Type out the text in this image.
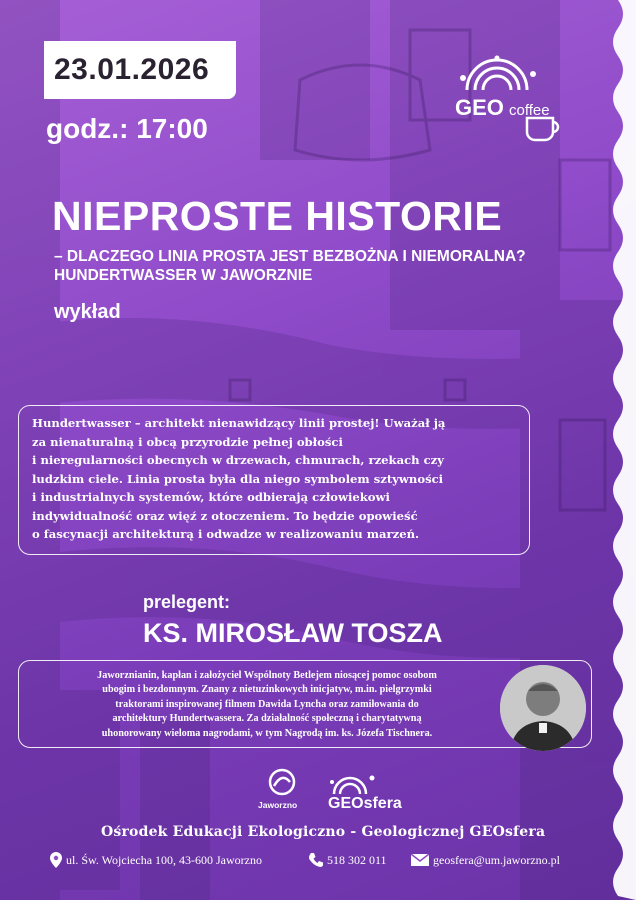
23.01.2026
godz.: 17:00
GEO coffee
NIEPROSTE HISTORIE
– DLACZEGO LINIA PROSTA JEST BEZBOŻNA I NIEMORALNA?
HUNDERTWASSER W JAWORZNIE
wykład
Hundertwasser – architekt nienawidzący linii prostej! Uważał ją
za nienaturalną i obcą przyrodzie pełnej obłości
i nieregularności obecnych w drzewach, chmurach, rzekach czy
ludzkim ciele. Linia prosta była dla niego symbolem sztywności
i industrialnych systemów, które odbierają człowiekowi
indywidualność oraz więź z otoczeniem. To będzie opowieść
o fascynacji architekturą i odwadze w realizowaniu marzeń.
prelegent:
KS. MIROSŁAW TOSZA
Jaworznianin, kapłan i założyciel Wspólnoty Betlejem niosącej pomoc osobom
ubogim i bezdomnym. Znany z nietuzinkowych inicjatyw, m.in. pielgrzymki
traktorami inspirowanej filmem Dawida Lyncha oraz zamiłowania do
architektury Hundertwassera. Za działalność społeczną i charytatywną
uhonorowany wieloma nagrodami, w tym Nagrodą im. ks. Józefa Tischnera.
Jaworzno GEOsfera
Ośrodek Edukacji Ekologiczno - Geologicznej GEOsfera
ul. Św. Wojciecha 100, 43-600 Jaworzno	518 302 011	geosfera@um.jaworzno.pl
